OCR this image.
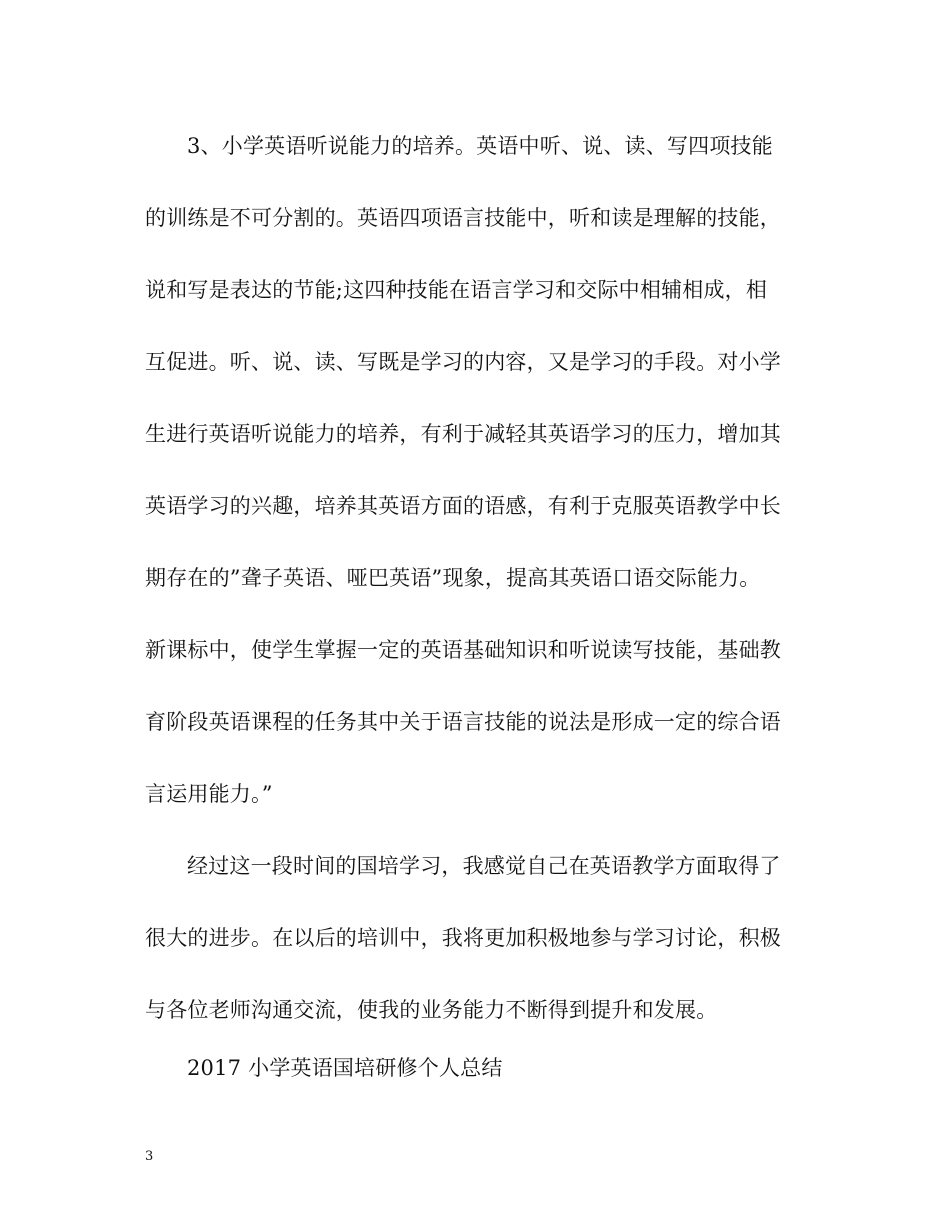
3、小学英语听说能力的培养。英语中听、说、读、写四项技能
的训练是不可分割的。英语四项语言技能中，听和读是理解的技能，
说和写是表达的节能;这四种技能在语言学习和交际中相辅相成，相
互促进。听、说、读、写既是学习的内容，又是学习的手段。对小学
生进行英语听说能力的培养，有利于减轻其英语学习的压力，增加其
英语学习的兴趣，培养其英语方面的语感，有利于克服英语教学中长
期存在的”聋子英语、哑巴英语”现象，提高其英语口语交际能力。
新课标中，使学生掌握一定的英语基础知识和听说读写技能，基础教
育阶段英语课程的任务其中关于语言技能的说法是形成一定的综合语
言运用能力。”
经过这一段时间的国培学习，我感觉自己在英语教学方面取得了
很大的进步。在以后的培训中，我将更加积极地参与学习讨论，积极
与各位老师沟通交流，使我的业务能力不断得到提升和发展。
2017 小学英语国培研修个人总结
3
